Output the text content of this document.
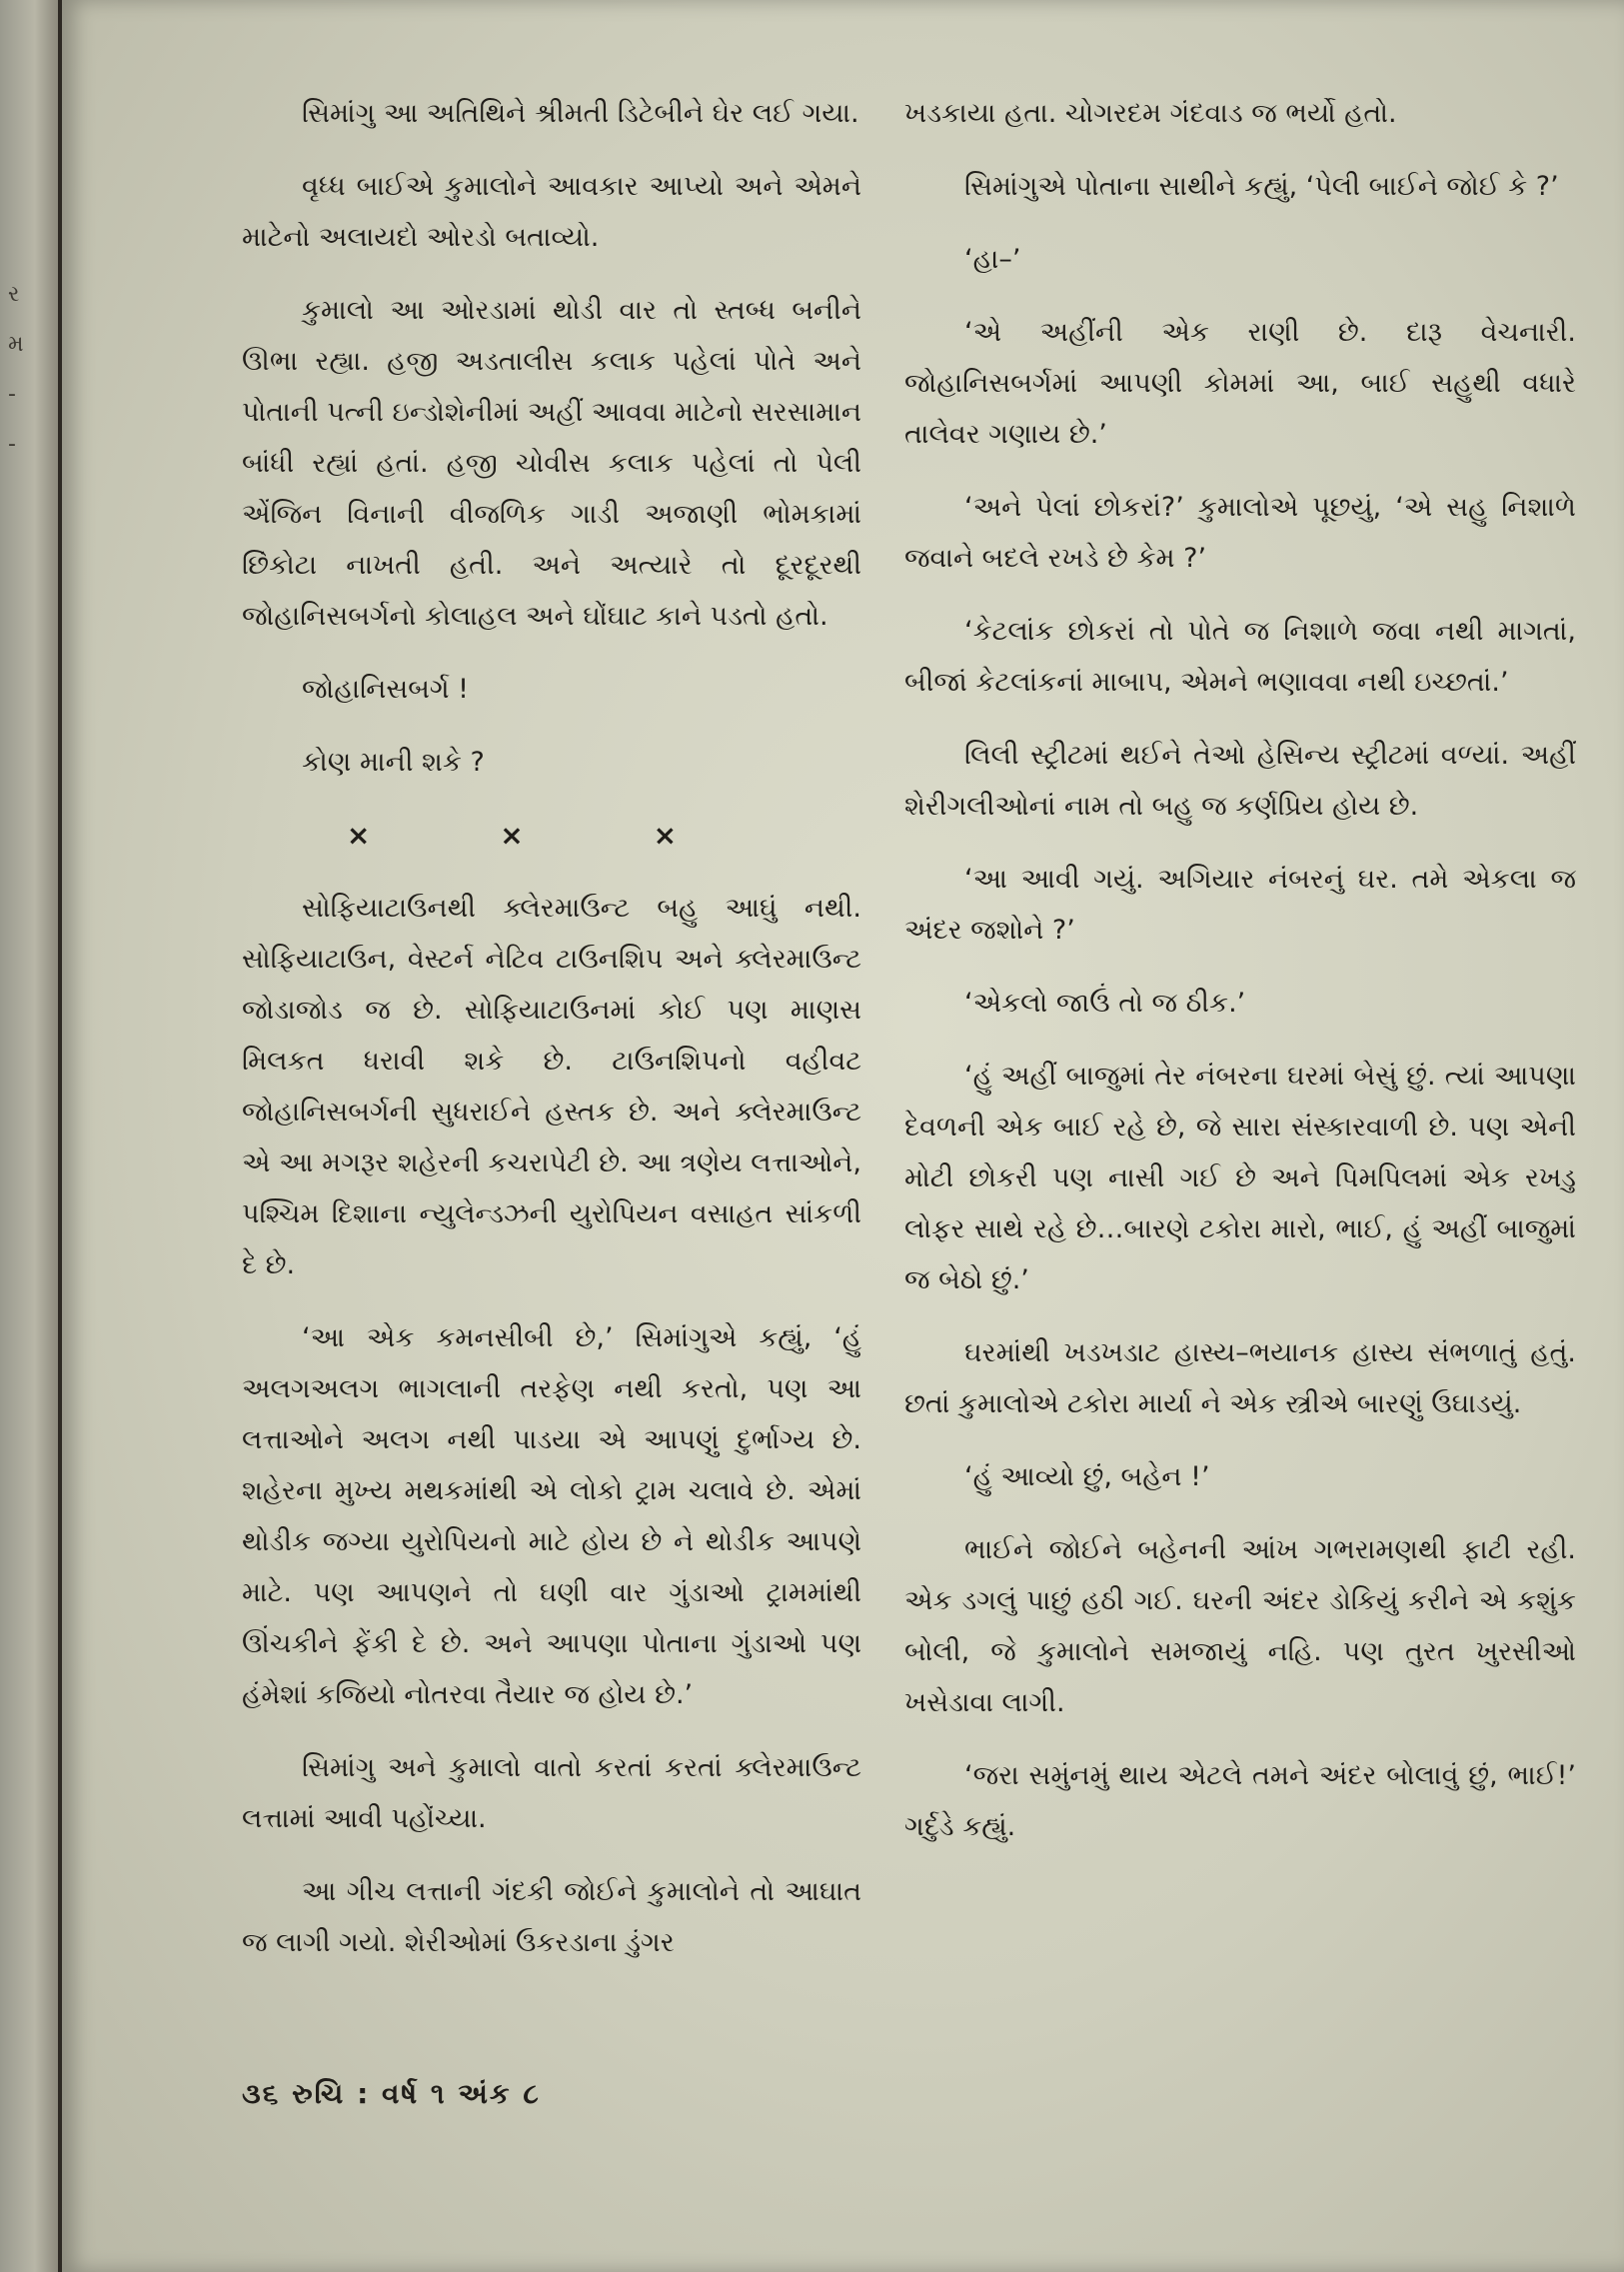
ર
મ
-
-

સિમાંગુ આ અતિથિને શ્રીમતી ડિટેબીને ઘેર લઈ ગયા.

વૃધ્ધ બાઈએ કુમાલોને આવકાર આપ્યો અને એમને માટેનો અલાયદો ઓરડો બતાવ્યો.

કુમાલો આ ઓરડામાં થોડી વાર તો સ્તબ્ધ બનીને ઊભા રહ્યા. હજી અડતાલીસ કલાક પહેલાં પોતે અને પોતાની પત્ની ઇન્ડોશેનીમાં અહીં આવવા માટેનો સરસામાન બાંધી રહ્યાં હતાં. હજી ચોવીસ કલાક પહેલાં તો પેલી એંજિન વિનાની વીજળિક ગાડી અજાણી ભોમકામાં છિંકોટા નાખતી હતી. અને અત્યારે તો દૂરદૂરથી જોહાનિસબર્ગનો કોલાહલ અને ઘોંઘાટ કાને પડતો હતો.

જોહાનિસબર્ગ !

કોણ માની શકે ?

×	×	×

સોફિયાટાઉનથી ક્લેરમાઉન્ટ બહુ આઘું નથી. સોફિયાટાઉન, વેસ્ટર્ન નેટિવ ટાઉનશિપ અને ક્લેરમાઉન્ટ જોડાજોડ જ છે. સોફિયાટાઉનમાં કોઈ પણ માણસ મિલકત ધરાવી શકે છે. ટાઉનશિપનો વહીવટ જોહાનિસબર્ગની સુધરાઈને હસ્તક છે. અને ક્લેરમાઉન્ટ એ આ મગરૂર શહેરની કચરાપેટી છે. આ ત્રણેય લત્તાઓને, પશ્ચિમ દિશાના ન્યુલેન્ડઝની યુરોપિયન વસાહત સાંકળી દે છે.

‘આ એક કમનસીબી છે,’ સિમાંગુએ કહ્યું, ‘હું અલગઅલગ ભાગલાની તરફેણ નથી કરતો, પણ આ લત્તાઓને અલગ નથી પાડયા એ આપણું દુર્ભાગ્ય છે. શહેરના મુખ્ય મથકમાંથી એ લોકો ટ્રામ ચલાવે છે. એમાં થોડીક જગ્યા યુરોપિયનો માટે હોય છે ને થોડીક આપણે માટે. પણ આપણને તો ઘણી વાર ગુંડાઓ ટ્રામમાંથી ઊંચકીને ફેંકી દે છે. અને આપણા પોતાના ગુંડાઓ પણ હંમેશાં કજિયો નોતરવા તૈયાર જ હોય છે.’

સિમાંગુ અને કુમાલો વાતો કરતાં કરતાં ક્લેરમાઉન્ટ લત્તામાં આવી પહોંચ્યા.

આ ગીચ લત્તાની ગંદકી જોઈને કુમાલોને તો આઘાત જ લાગી ગયો. શેરીઓમાં ઉકરડાના ડુંગર

ખડકાયા હતા. ચોગરદમ ગંદવાડ જ ભર્યો હતો.

સિમાંગુએ પોતાના સાથીને કહ્યું, ‘પેલી બાઈને જોઈ કે ?’

‘હા–’

‘એ અહીંની એક રાણી છે. દારૂ વેચનારી. જોહાનિસબર્ગમાં આપણી કોમમાં આ, બાઈ સહુથી વધારે તાલેવર ગણાય છે.’

‘અને પેલાં છોકરાં?’ કુમાલોએ પૂછયું, ‘એ સહુ નિશાળે જવાને બદલે રખડે છે કેમ ?’

‘કેટલાંક છોકરાં તો પોતે જ નિશાળે જવા નથી માગતાં, બીજાં કેટલાંકનાં માબાપ, એમને ભણાવવા નથી ઇચ્છતાં.’

લિલી સ્ટ્રીટમાં થઈને તેઓ હેસિન્ય સ્ટ્રીટમાં વળ્યાં. અહીં શેરીગલીઓનાં નામ તો બહુ જ કર્ણપ્રિય હોય છે.

‘આ આવી ગયું. અગિયાર નંબરનું ઘર. તમે એકલા જ અંદર જશોને ?’

‘એકલો જાઉં તો જ ઠીક.’

‘હું અહીં બાજુમાં તેર નંબરના ઘરમાં બેસું છું. ત્યાં આપણા દેવળની એક બાઈ રહે છે, જે સારા સંસ્કારવાળી છે. પણ એની મોટી છોકરી પણ નાસી ગઈ છે અને પિમપિલમાં એક રખડુ લોફર સાથે રહે છે…બારણે ટકોરા મારો, ભાઈ, હું અહીં બાજુમાં જ બેઠો છું.’

ઘરમાંથી ખડખડાટ હાસ્ય–ભયાનક હાસ્ય સંભળાતું હતું. છતાં કુમાલોએ ટકોરા માર્યા ને એક સ્ત્રીએ બારણું ઉઘાડયું.

‘હું આવ્યો છું, બહેન !’

ભાઈને જોઈને બહેનની આંખ ગભરામણથી ફાટી રહી. એક ડગલું પાછું હઠી ગઈ. ઘરની અંદર ડોકિયું કરીને એ કશુંક બોલી, જે કુમાલોને સમજાયું નહિ. પણ તુરત ખુરસીઓ ખસેડાવા લાગી.

‘જરા સમુંનમું થાય એટલે તમને અંદર બોલાવું છું, ભાઈ!’ ગર્દુડે કહ્યું.

૩૬ રુચિ : વર્ષ ૧ અંક ૮
